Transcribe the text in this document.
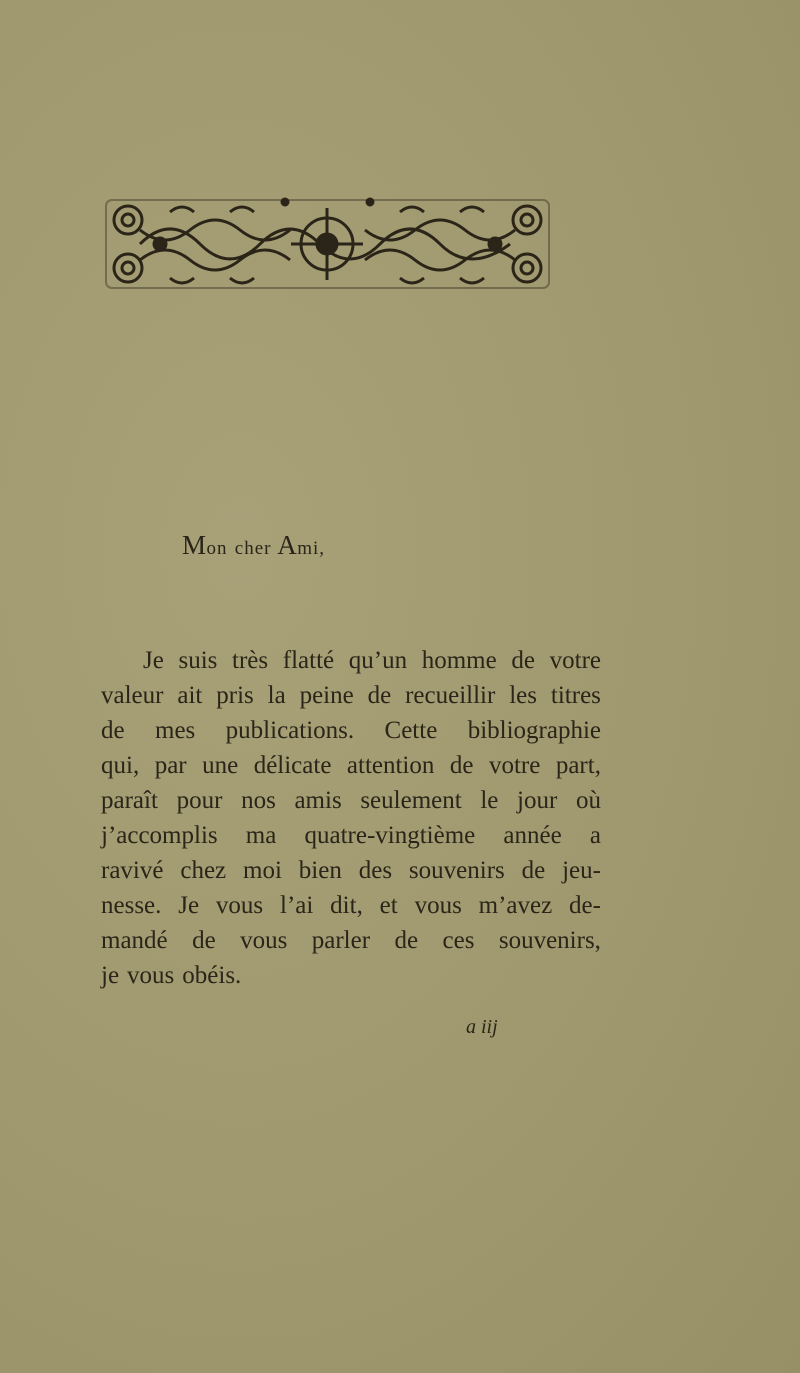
Mon cher Ami,
Je suis très flatté qu’un homme de votre
valeur ait pris la peine de recueillir les titres
de mes publications. Cette bibliographie
qui, par une délicate attention de votre part,
paraît pour nos amis seulement le jour où
j’accomplis ma quatre-vingtième année a
ravivé chez moi bien des souvenirs de jeu-
nesse. Je vous l’ai dit, et vous m’avez de-
mandé de vous parler de ces souvenirs,
je vous obéis.
a iij
